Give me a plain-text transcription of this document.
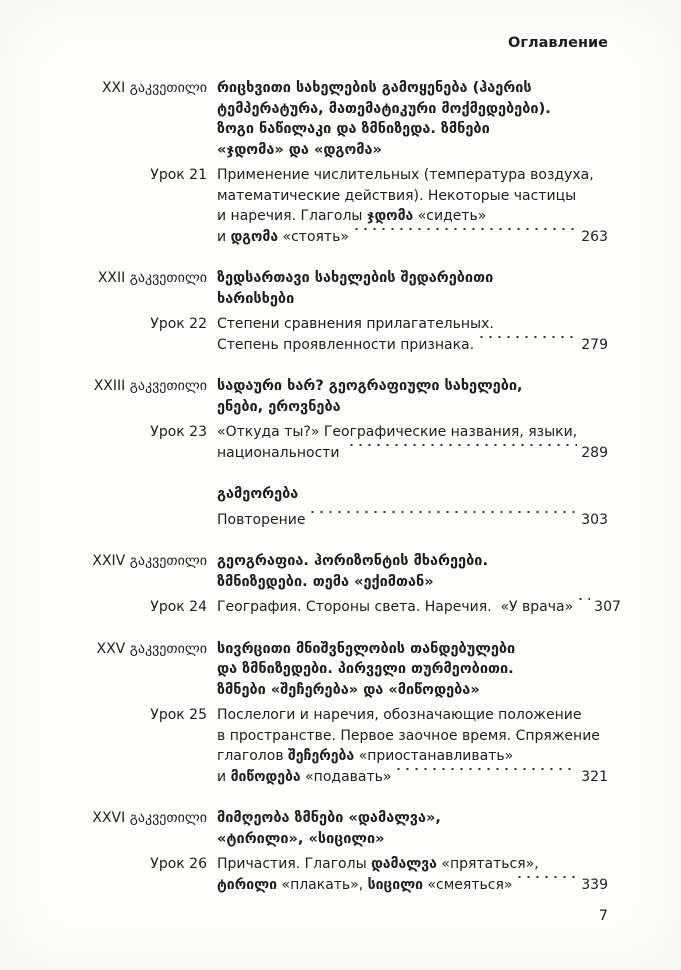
Оглавление
XXI გაკვეთილი რიცხვითი სახელების გამოყენება (ჰაერის
ტემპერატურა, მათემატიკური მოქმედებები).
ზოგი ნაწილაკი და ზმნიზედა. ზმნები
«ჯდომა» და «დგომა»
Урок 21 Применение числительных (температура воздуха,
математические действия). Некоторые частицы
и наречия. Глаголы ჯდომა «сидеть»
и დგომა «стоять»	263
XXII გაკვეთილი ზედსართავი სახელების შედარებითი
ხარისხები
Урок 22 Степени сравнения прилагательных.
Степень проявленности признака.	279
XXIII გაკვეთილი სადაური ხარ? გეოგრაფიული სახელები,
ენები, ეროვნება
Урок 23 «Откуда ты?» Географические названия, языки,
национальности	289
გამეორება
Повторение	303
XXIV გაკვეთილი გეოგრაფია. ჰორიზონტის მხარეები.
ზმნიზედები. თემა «ექიმთან»
Урок 24 География. Стороны света. Наречия.  «У врача» 307
XXV გაკვეთილი სივრცითი მნიშვნელობის თანდებულები
და ზმნიზედები. პირველი თურმეობითი.
ზმნები «შეჩერება» და «მიწოდება»
Урок 25 Послелоги и наречия, обозначающие положение
в пространстве. Первое заочное время. Спряжение
глаголов შეჩერება «приостанавливать»
и მიწოდება «подавать»	321
XXVI გაკვეთილი მიმღეობა ზმნები «დამალვა»,
«ტირილი», «სიცილი»
Урок 26 Причастия. Глаголы დამალვა «прятаться»,
ტირილი «плакать», სიცილი «смеяться»	339
7
